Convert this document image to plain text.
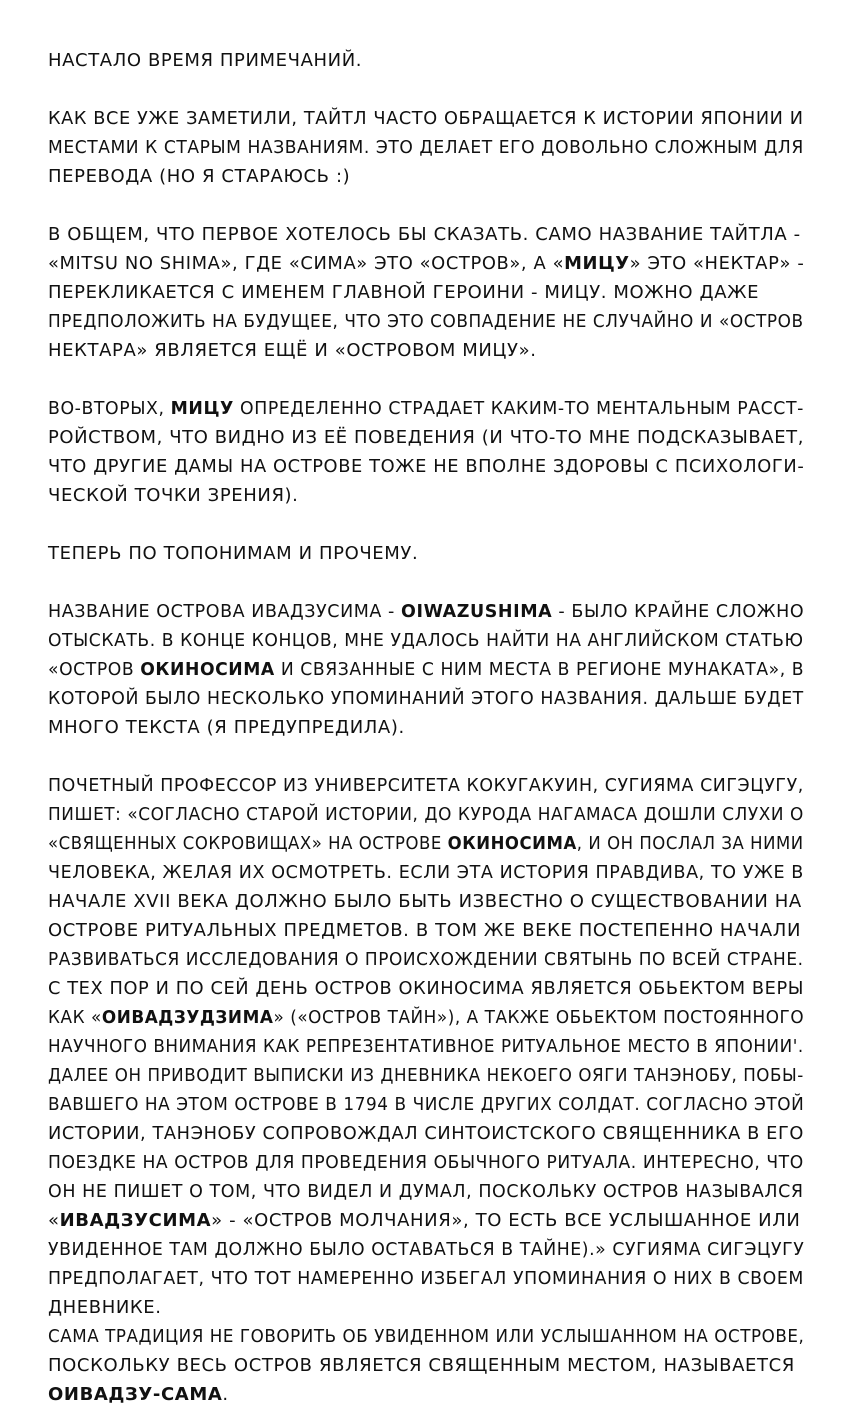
НАСТАЛО ВРЕМЯ ПРИМЕЧАНИЙ.
КАК ВСЕ УЖЕ ЗАМЕТИЛИ, ТАЙТЛ ЧАСТО ОБРАЩАЕТСЯ К ИСТОРИИ ЯПОНИИ И
МЕСТАМИ К СТАРЫМ НАЗВАНИЯМ. ЭТО ДЕЛАЕТ ЕГО ДОВОЛЬНО СЛОЖНЫМ ДЛЯ
ПЕРЕВОДА (НО Я СТАРАЮСЬ :)
В ОБЩЕМ, ЧТО ПЕРВОЕ ХОТЕЛОСЬ БЫ СКАЗАТЬ. САМО НАЗВАНИЕ ТАЙТЛА -
«MITSU NO SHIMA», ГДЕ «СИМА» ЭТО «ОСТРОВ», А «МИЦУ» ЭТО «НЕКТАР» -
ПЕРЕКЛИКАЕТСЯ С ИМЕНЕМ ГЛАВНОЙ ГЕРОИНИ - МИЦУ. МОЖНО ДАЖЕ
ПРЕДПОЛОЖИТЬ НА БУДУЩЕЕ, ЧТО ЭТО СОВПАДЕНИЕ НЕ СЛУЧАЙНО И «ОСТРОВ
НЕКТАРА» ЯВЛЯЕТСЯ ЕЩЁ И «ОСТРОВОМ МИЦУ».
ВО-ВТОРЫХ, МИЦУ ОПРЕДЕЛЕННО СТРАДАЕТ КАКИМ-ТО МЕНТАЛЬНЫМ РАССТ-
РОЙСТВОМ, ЧТО ВИДНО ИЗ ЕЁ ПОВЕДЕНИЯ (И ЧТО-ТО МНЕ ПОДСКАЗЫВАЕТ,
ЧТО ДРУГИЕ ДАМЫ НА ОСТРОВЕ ТОЖЕ НЕ ВПОЛНЕ ЗДОРОВЫ С ПСИХОЛОГИ-
ЧЕСКОЙ ТОЧКИ ЗРЕНИЯ).
ТЕПЕРЬ ПО ТОПОНИМАМ И ПРОЧЕМУ.
НАЗВАНИЕ ОСТРОВА ИВАДЗУСИМА - OIWAZUSHIMA - БЫЛО КРАЙНЕ СЛОЖНО
ОТЫСКАТЬ. В КОНЦЕ КОНЦОВ, МНЕ УДАЛОСЬ НАЙТИ НА АНГЛИЙСКОМ СТАТЬЮ
«ОСТРОВ ОКИНОСИМА И СВЯЗАННЫЕ С НИМ МЕСТА В РЕГИОНЕ МУНАКАТА», В
КОТОРОЙ БЫЛО НЕСКОЛЬКО УПОМИНАНИЙ ЭТОГО НАЗВАНИЯ. ДАЛЬШЕ БУДЕТ
МНОГО ТЕКСТА (Я ПРЕДУПРЕДИЛА).
ПОЧЕТНЫЙ ПРОФЕССОР ИЗ УНИВЕРСИТЕТА КОКУГАКУИН, СУГИЯМА СИГЭЦУГУ,
ПИШЕТ: «СОГЛАСНО СТАРОЙ ИСТОРИИ, ДО КУРОДА НАГАМАСА ДОШЛИ СЛУХИ О
«СВЯЩЕННЫХ СОКРОВИЩАХ» НА ОСТРОВЕ ОКИНОСИМА, И ОН ПОСЛАЛ ЗА НИМИ
ЧЕЛОВЕКА, ЖЕЛАЯ ИХ ОСМОТРЕТЬ. ЕСЛИ ЭТА ИСТОРИЯ ПРАВДИВА, ТО УЖЕ В
НАЧАЛЕ XVII ВЕКА ДОЛЖНО БЫЛО БЫТЬ ИЗВЕСТНО О СУЩЕСТВОВАНИИ НА
ОСТРОВЕ РИТУАЛЬНЫХ ПРЕДМЕТОВ. В ТОМ ЖЕ ВЕКЕ ПОСТЕПЕННО НАЧАЛИ
РАЗВИВАТЬСЯ ИССЛЕДОВАНИЯ О ПРОИСХОЖДЕНИИ СВЯТЫНЬ ПО ВСЕЙ СТРАНЕ.
С ТЕХ ПОР И ПО СЕЙ ДЕНЬ ОСТРОВ ОКИНОСИМА ЯВЛЯЕТСЯ ОБЬЕКТОМ ВЕРЫ
КАК «ОИВАДЗУДЗИМА» («ОСТРОВ ТАЙН»), А ТАКЖЕ ОБЬЕКТОМ ПОСТОЯННОГО
НАУЧНОГО ВНИМАНИЯ КАК РЕПРЕЗЕНТАТИВНОЕ РИТУАЛЬНОЕ МЕСТО В ЯПОНИИ'.
ДАЛЕЕ ОН ПРИВОДИТ ВЫПИСКИ ИЗ ДНЕВНИКА НЕКОЕГО ОЯГИ ТАНЭНОБУ, ПОБЫ-
ВАВШЕГО НА ЭТОМ ОСТРОВЕ В 1794 В ЧИСЛЕ ДРУГИХ СОЛДАТ. СОГЛАСНО ЭТОЙ
ИСТОРИИ, ТАНЭНОБУ СОПРОВОЖДАЛ СИНТОИСТСКОГО СВЯЩЕННИКА В ЕГО
ПОЕЗДКЕ НА ОСТРОВ ДЛЯ ПРОВЕДЕНИЯ ОБЫЧНОГО РИТУАЛА. ИНТЕРЕСНО, ЧТО
ОН НЕ ПИШЕТ О ТОМ, ЧТО ВИДЕЛ И ДУМАЛ, ПОСКОЛЬКУ ОСТРОВ НАЗЫВАЛСЯ
«ИВАДЗУСИМА» - «ОСТРОВ МОЛЧАНИЯ», ТО ЕСТЬ ВСЕ УСЛЫШАННОЕ ИЛИ
УВИДЕННОЕ ТАМ ДОЛЖНО БЫЛО ОСТАВАТЬСЯ В ТАЙНЕ).» СУГИЯМА СИГЭЦУГУ
ПРЕДПОЛАГАЕТ, ЧТО ТОТ НАМЕРЕННО ИЗБЕГАЛ УПОМИНАНИЯ О НИХ В СВОЕМ
ДНЕВНИКЕ.
САМА ТРАДИЦИЯ НЕ ГОВОРИТЬ ОБ УВИДЕННОМ ИЛИ УСЛЫШАННОМ НА ОСТРОВЕ,
ПОСКОЛЬКУ ВЕСЬ ОСТРОВ ЯВЛЯЕТСЯ СВЯЩЕННЫМ МЕСТОМ, НАЗЫВАЕТСЯ
ОИВАДЗУ-САМА.
